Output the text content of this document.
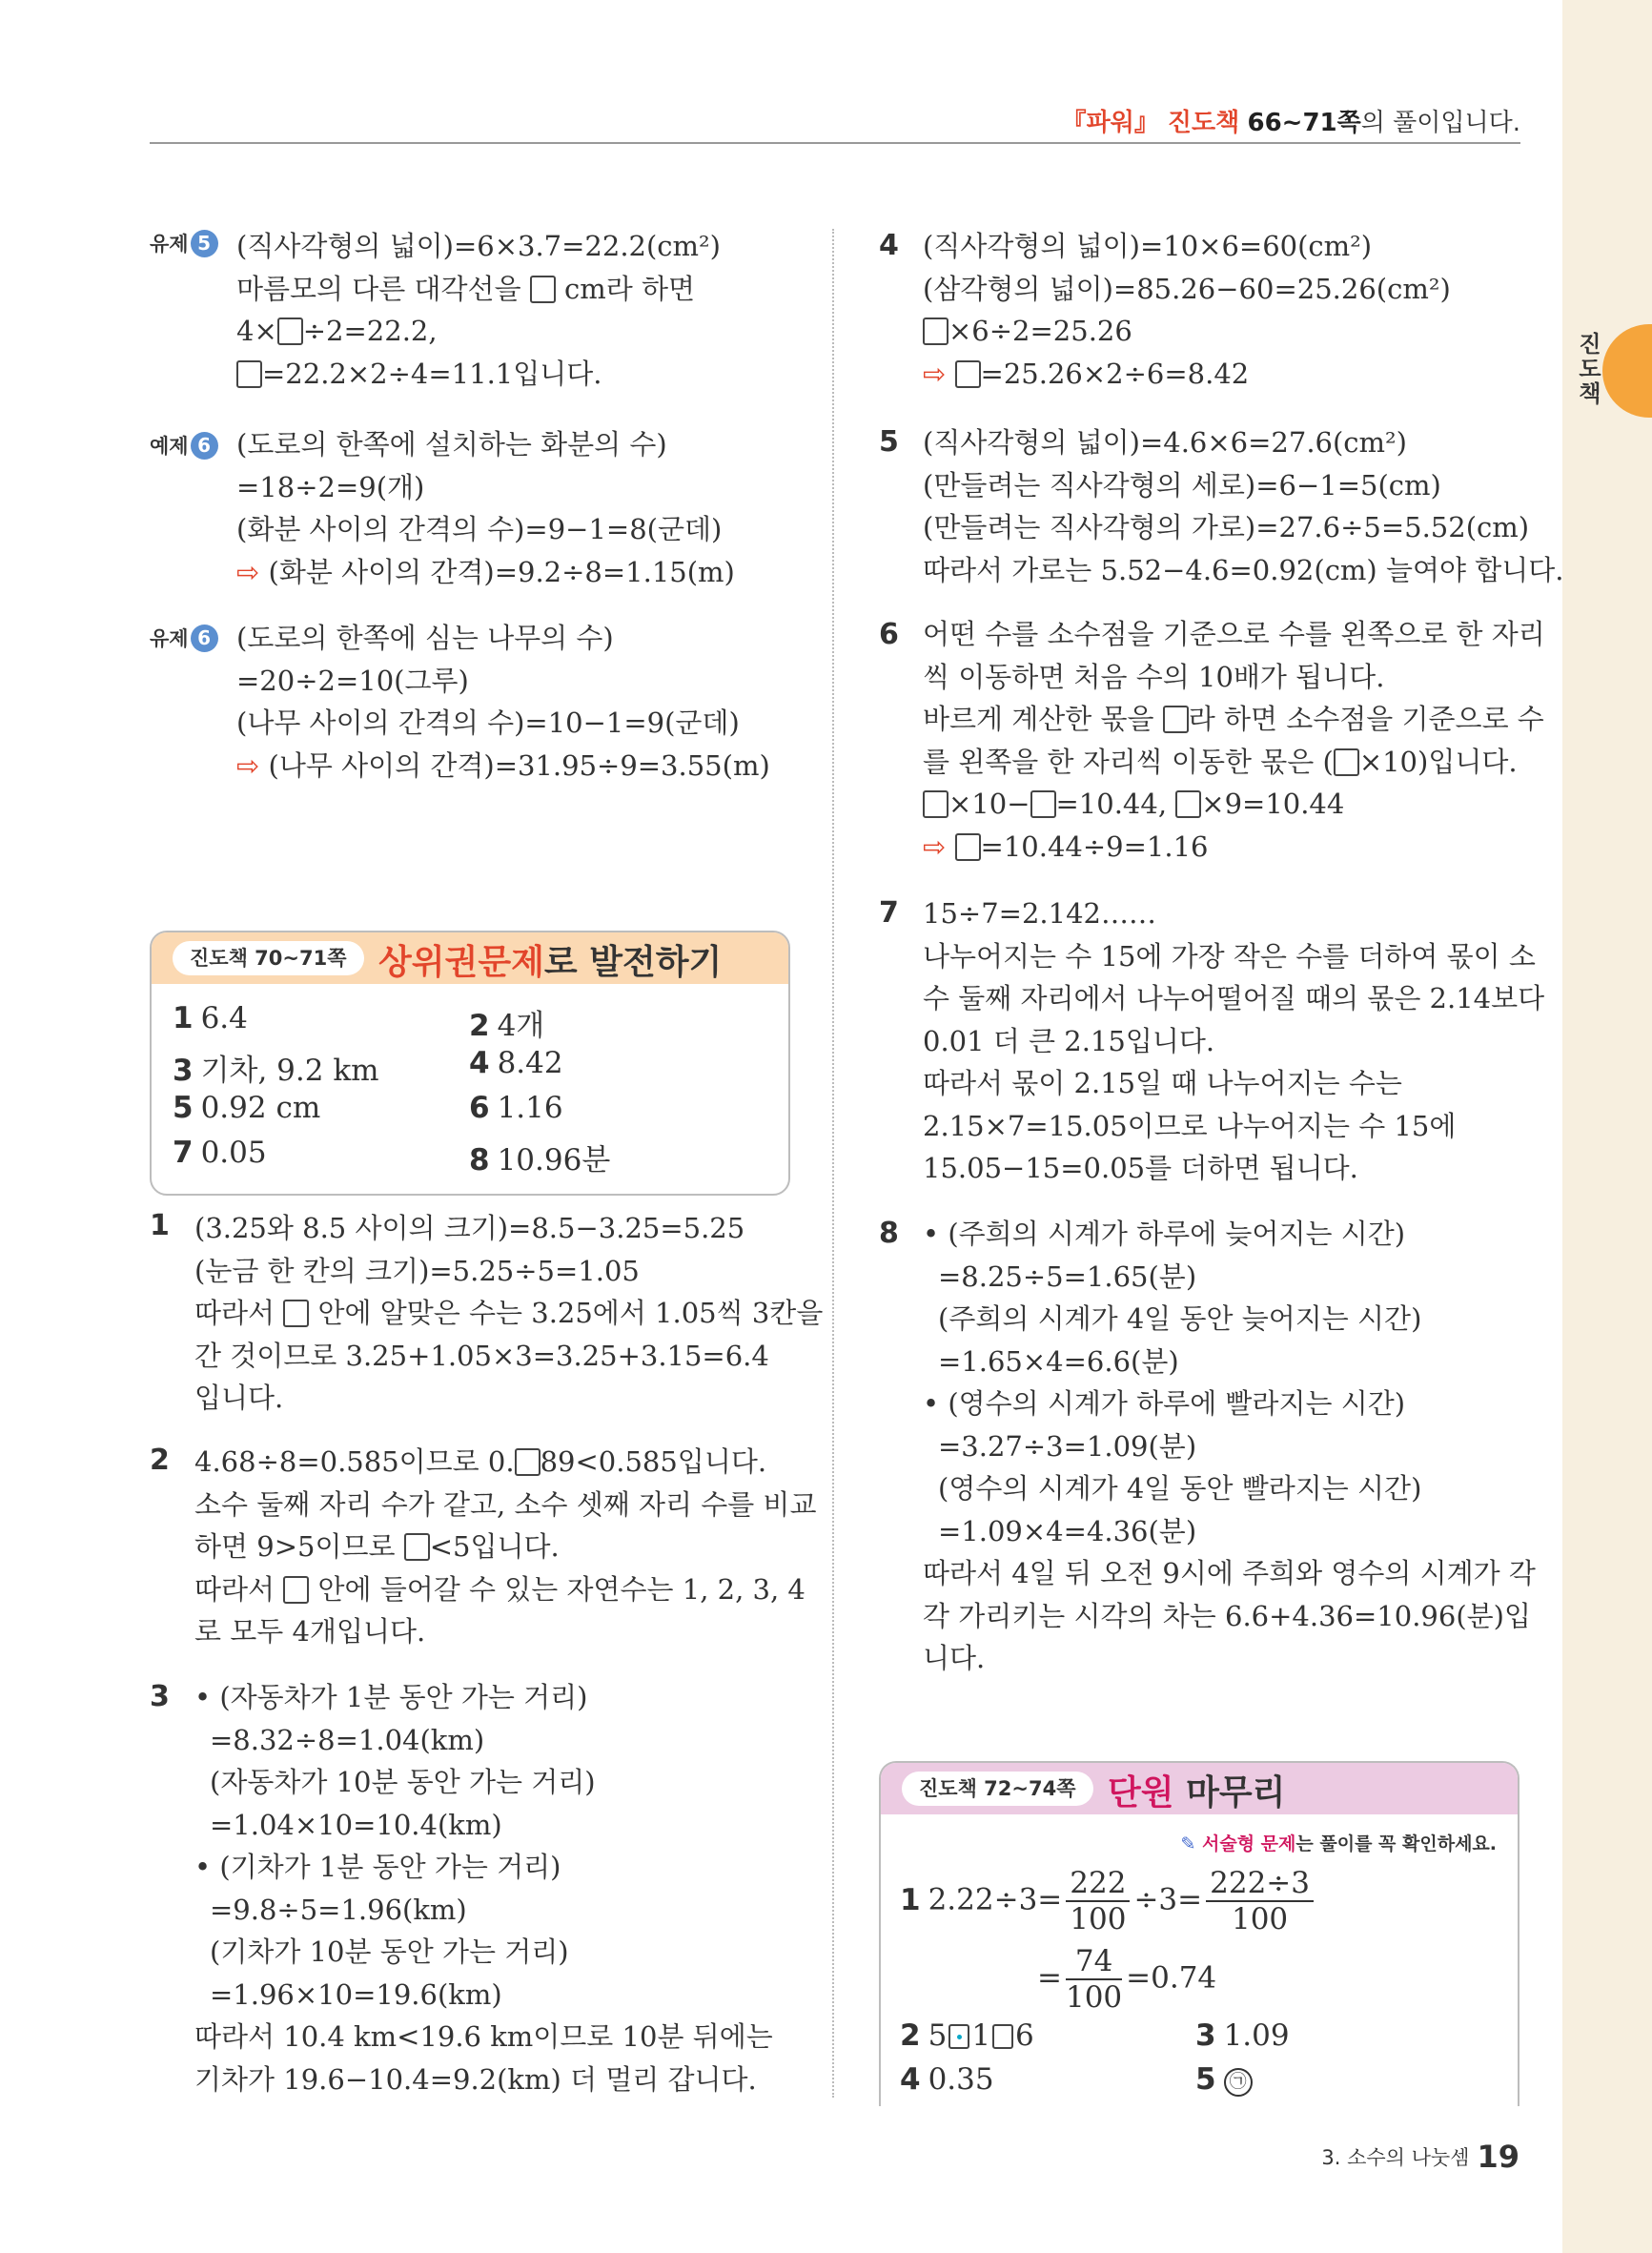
진도책
『파워』 진도책 66~71쪽의 풀이입니다.
유제 5 (직사각형의 넓이)=6×3.7=22.2(cm²)
마름모의 다른 대각선을 cm라 하면
4× ÷2=22.2,
=22.2×2÷4=11.1입니다.
예제 6 (도로의 한쪽에 설치하는 화분의 수)
=18÷2=9(개)
(화분 사이의 간격의 수)=9−1=8(군데)
⇨ (화분 사이의 간격)=9.2÷8=1.15(m)
유제 6 (도로의 한쪽에 심는 나무의 수)
=20÷2=10(그루)
(나무 사이의 간격의 수)=10−1=9(군데)
⇨ (나무 사이의 간격)=31.95÷9=3.55(m)
진도책 70~71쪽 상위권문제로 발전하기
1 6.4	2 4개
3 기차, 9.2 km	4 8.42
5 0.92 cm	6 1.16
7 0.05	8 10.96분
1 (3.25와 8.5 사이의 크기)=8.5−3.25=5.25
(눈금 한 칸의 크기)=5.25÷5=1.05
따라서 안에 알맞은 수는 3.25에서 1.05씩 3칸을
간 것이므로 3.25+1.05×3=3.25+3.15=6.4
입니다.
2 4.68÷8=0.585이므로 0. 89<0.585입니다.
소수 둘째 자리 수가 같고, 소수 셋째 자리 수를 비교
하면 9>5이므로 <5입니다.
따라서 안에 들어갈 수 있는 자연수는 1, 2, 3, 4
로 모두 4개입니다.
3 • (자동차가 1분 동안 가는 거리)
=8.32÷8=1.04(km)
(자동차가 10분 동안 가는 거리)
=1.04×10=10.4(km)
• (기차가 1분 동안 가는 거리)
=9.8÷5=1.96(km)
(기차가 10분 동안 가는 거리)
=1.96×10=19.6(km)
따라서 10.4 km<19.6 km이므로 10분 뒤에는
기차가 19.6−10.4=9.2(km) 더 멀리 갑니다.
4 (직사각형의 넓이)=10×6=60(cm²)
(삼각형의 넓이)=85.26−60=25.26(cm²)
×6÷2=25.26
⇨ =25.26×2÷6=8.42
5 (직사각형의 넓이)=4.6×6=27.6(cm²)
(만들려는 직사각형의 세로)=6−1=5(cm)
(만들려는 직사각형의 가로)=27.6÷5=5.52(cm)
따라서 가로는 5.52−4.6=0.92(cm) 늘여야 합니다.
6 어떤 수를 소수점을 기준으로 수를 왼쪽으로 한 자리
씩 이동하면 처음 수의 10배가 됩니다.
바르게 계산한 몫을 라 하면 소수점을 기준으로 수
를 왼쪽을 한 자리씩 이동한 몫은 ( ×10)입니다.
×10− =10.44, ×9=10.44
⇨ =10.44÷9=1.16
7 15÷7=2.142……
나누어지는 수 15에 가장 작은 수를 더하여 몫이 소
수 둘째 자리에서 나누어떨어질 때의 몫은 2.14보다
0.01 더 큰 2.15입니다.
따라서 몫이 2.15일 때 나누어지는 수는
2.15×7=15.05이므로 나누어지는 수 15에
15.05−15=0.05를 더하면 됩니다.
8 • (주희의 시계가 하루에 늦어지는 시간)
=8.25÷5=1.65(분)
(주희의 시계가 4일 동안 늦어지는 시간)
=1.65×4=6.6(분)
• (영수의 시계가 하루에 빨라지는 시간)
=3.27÷3=1.09(분)
(영수의 시계가 4일 동안 빨라지는 시간)
=1.09×4=4.36(분)
따라서 4일 뒤 오전 9시에 주희와 영수의 시계가 각
각 가리키는 시각의 차는 6.6+4.36=10.96(분)입
니다.
진도책 72~74쪽 단원 마무리
✎ 서술형 문제는 풀이를 꼭 확인하세요.
1 $2.22\div 3= \frac{222}{100} \div 3= \frac{222\div 3}{100}$
= $\frac{74}{100} =0.74$
2 5 1 6	3 1.09
4 0.35	5 ㉠
3. 소수의 나눗셈 19
